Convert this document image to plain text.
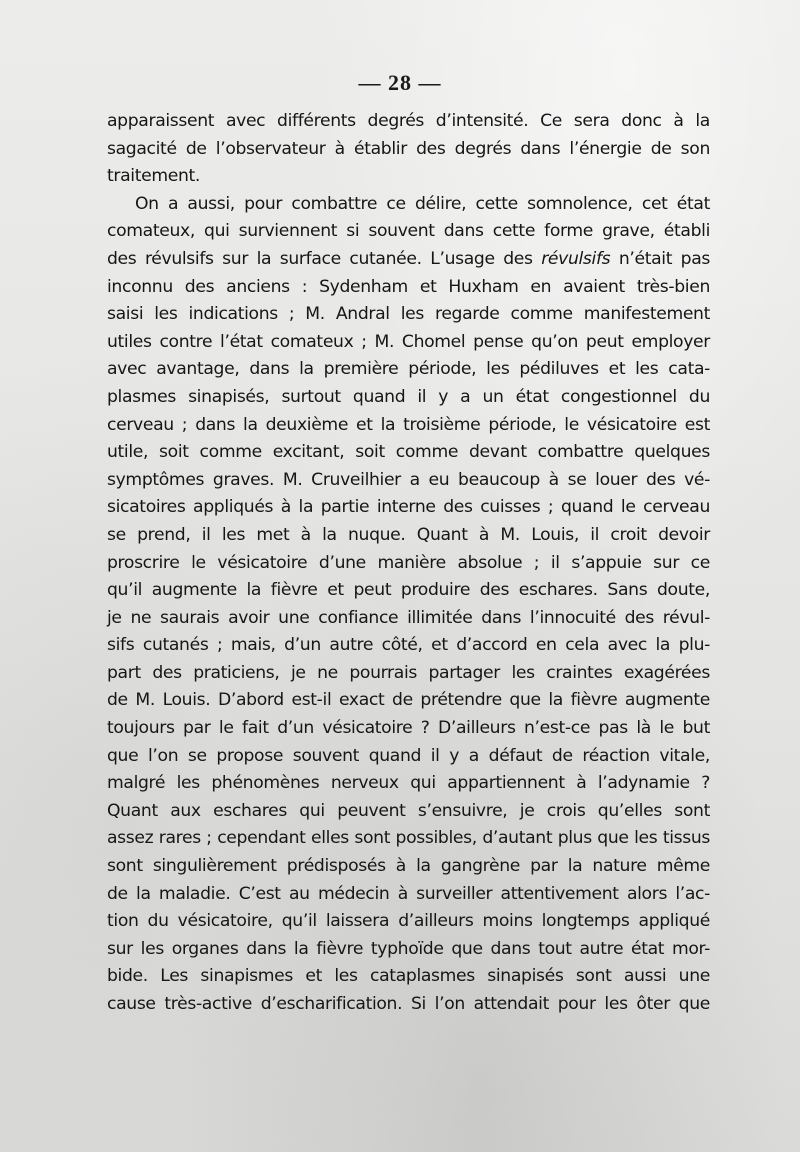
— 28 —
apparaissent avec différents degrés d’intensité. Ce sera donc à la
sagacité de l’observateur à établir des degrés dans l’énergie de son
traitement.
On a aussi, pour combattre ce délire, cette somnolence, cet état
comateux, qui surviennent si souvent dans cette forme grave, établi
des révulsifs sur la surface cutanée. L’usage des révulsifs n’était pas
inconnu des anciens : Sydenham et Huxham en avaient très-bien
saisi les indications ; M. Andral les regarde comme manifestement
utiles contre l’état comateux ; M. Chomel pense qu’on peut employer
avec avantage, dans la première période, les pédiluves et les cata-
plasmes sinapisés, surtout quand il y a un état congestionnel du
cerveau ; dans la deuxième et la troisième période, le vésicatoire est
utile, soit comme excitant, soit comme devant combattre quelques
symptômes graves. M. Cruveilhier a eu beaucoup à se louer des vé-
sicatoires appliqués à la partie interne des cuisses ; quand le cerveau
se prend, il les met à la nuque. Quant à M. Louis, il croit devoir
proscrire le vésicatoire d’une manière absolue ; il s’appuie sur ce
qu’il augmente la fièvre et peut produire des eschares. Sans doute,
je ne saurais avoir une confiance illimitée dans l’innocuité des révul-
sifs cutanés ; mais, d’un autre côté, et d’accord en cela avec la plu-
part des praticiens, je ne pourrais partager les craintes exagérées
de M. Louis. D’abord est-il exact de prétendre que la fièvre augmente
toujours par le fait d’un vésicatoire ? D’ailleurs n’est-ce pas là le but
que l’on se propose souvent quand il y a défaut de réaction vitale,
malgré les phénomènes nerveux qui appartiennent à l’adynamie ?
Quant aux eschares qui peuvent s’ensuivre, je crois qu’elles sont
assez rares ; cependant elles sont possibles, d’autant plus que les tissus
sont singulièrement prédisposés à la gangrène par la nature même
de la maladie. C’est au médecin à surveiller attentivement alors l’ac-
tion du vésicatoire, qu’il laissera d’ailleurs moins longtemps appliqué
sur les organes dans la fièvre typhoïde que dans tout autre état mor-
bide. Les sinapismes et les cataplasmes sinapisés sont aussi une
cause très-active d’escharification. Si l’on attendait pour les ôter que
